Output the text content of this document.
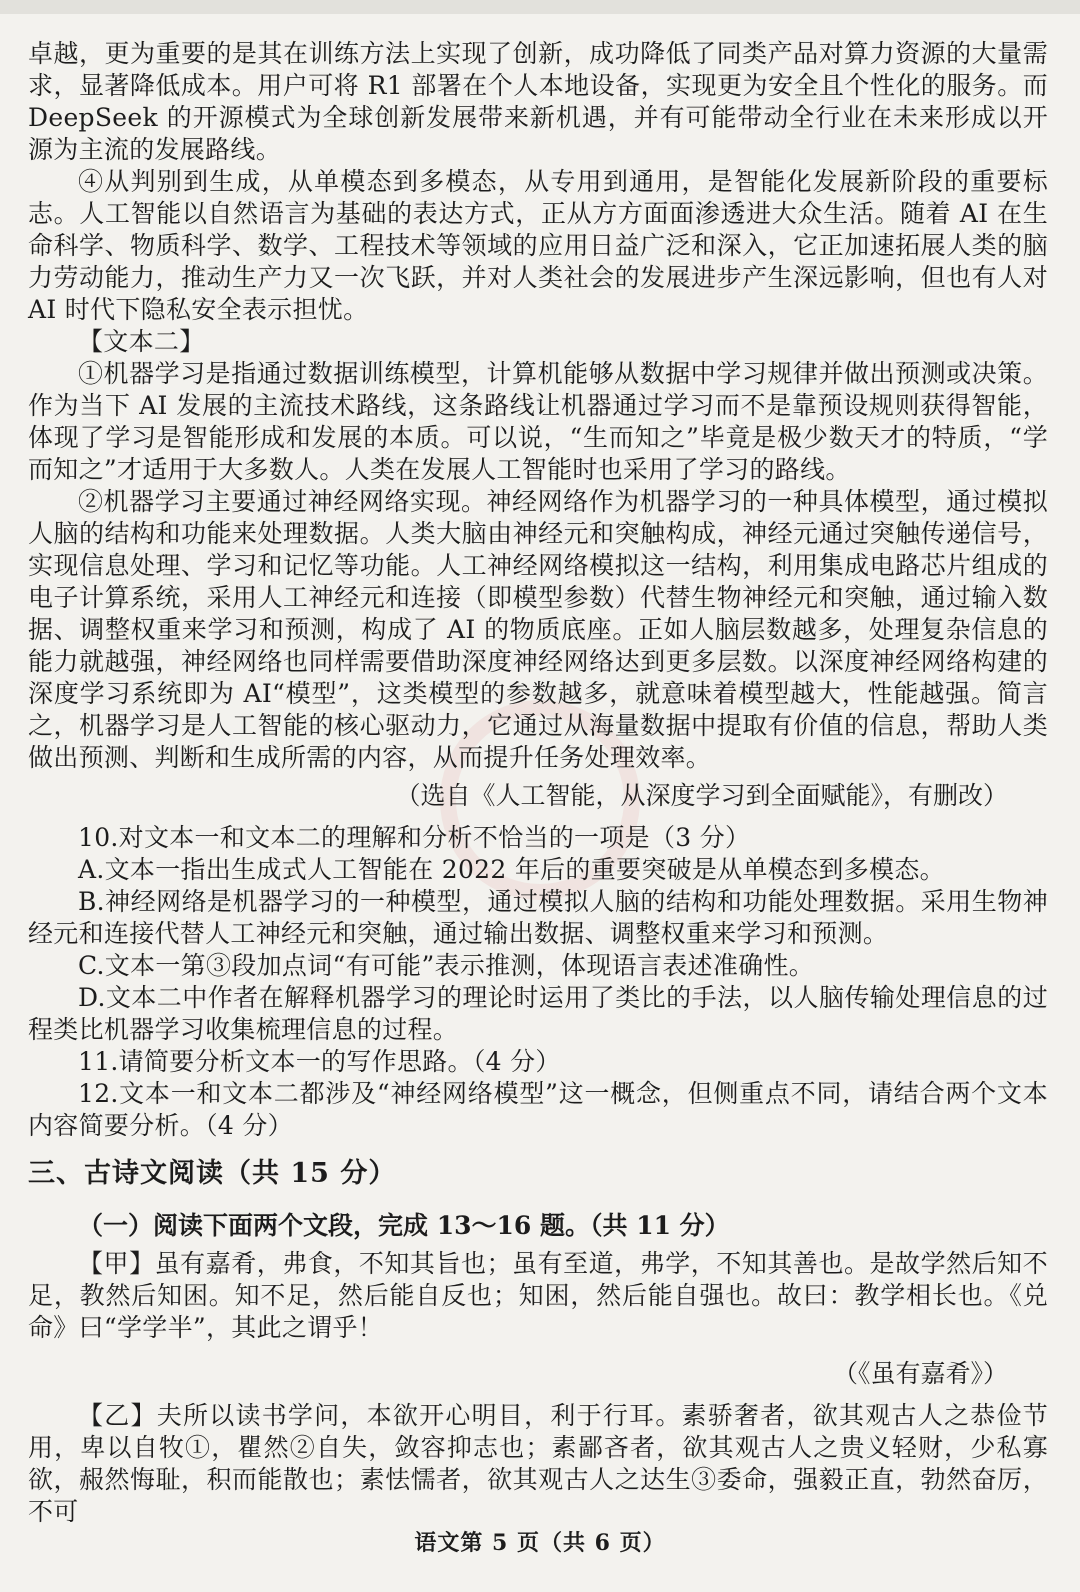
卓越，更为重要的是其在训练方法上实现了创新，成功降低了同类产品对算力资源的大量需求，显著降低成本。用户可将 R1 部署在个人本地设备，实现更为安全且个性化的服务。而 DeepSeek 的开源模式为全球创新发展带来新机遇，并有可能带动全行业在未来形成以开源为主流的发展路线。

④从判别到生成，从单模态到多模态，从专用到通用，是智能化发展新阶段的重要标志。人工智能以自然语言为基础的表达方式，正从方方面面渗透进大众生活。随着 AI 在生命科学、物质科学、数学、工程技术等领域的应用日益广泛和深入，它正加速拓展人类的脑力劳动能力，推动生产力又一次飞跃，并对人类社会的发展进步产生深远影响，但也有人对 AI 时代下隐私安全表示担忧。

【文本二】

①机器学习是指通过数据训练模型，计算机能够从数据中学习规律并做出预测或决策。作为当下 AI 发展的主流技术路线，这条路线让机器通过学习而不是靠预设规则获得智能，体现了学习是智能形成和发展的本质。可以说，“生而知之”毕竟是极少数天才的特质，“学而知之”才适用于大多数人。人类在发展人工智能时也采用了学习的路线。

②机器学习主要通过神经网络实现。神经网络作为机器学习的一种具体模型，通过模拟人脑的结构和功能来处理数据。人类大脑由神经元和突触构成，神经元通过突触传递信号，实现信息处理、学习和记忆等功能。人工神经网络模拟这一结构，利用集成电路芯片组成的电子计算系统，采用人工神经元和连接（即模型参数）代替生物神经元和突触，通过输入数据、调整权重来学习和预测，构成了 AI 的物质底座。正如人脑层数越多，处理复杂信息的能力就越强，神经网络也同样需要借助深度神经网络达到更多层数。以深度神经网络构建的深度学习系统即为 AI“模型”，这类模型的参数越多，就意味着模型越大，性能越强。简言之，机器学习是人工智能的核心驱动力，它通过从海量数据中提取有价值的信息，帮助人类做出预测、判断和生成所需的内容，从而提升任务处理效率。

（选自《人工智能，从深度学习到全面赋能》，有删改）

10.对文本一和文本二的理解和分析不恰当的一项是（3 分）

A.文本一指出生成式人工智能在 2022 年后的重要突破是从单模态到多模态。

B.神经网络是机器学习的一种模型，通过模拟人脑的结构和功能处理数据。采用生物神经元和连接代替人工神经元和突触，通过输出数据、调整权重来学习和预测。

C.文本一第③段加点词“有可能”表示推测，体现语言表述准确性。

D.文本二中作者在解释机器学习的理论时运用了类比的手法，以人脑传输处理信息的过程类比机器学习收集梳理信息的过程。

11.请简要分析文本一的写作思路。（4 分）

12.文本一和文本二都涉及“神经网络模型”这一概念，但侧重点不同，请结合两个文本内容简要分析。（4 分）

三、古诗文阅读（共 15 分）

（一）阅读下面两个文段，完成 13～16 题。（共 11 分）

【甲】虽有嘉肴，弗食，不知其旨也；虽有至道，弗学，不知其善也。是故学然后知不足，教然后知困。知不足，然后能自反也；知困，然后能自强也。故曰：教学相长也。《兑命》曰“学学半”，其此之谓乎！

（《虽有嘉肴》）

【乙】夫所以读书学问，本欲开心明目，利于行耳。素骄奢者，欲其观古人之恭俭节用，卑以自牧①，瞿然②自失，敛容抑志也；素鄙吝者，欲其观古人之贵义轻财，少私寡欲，赧然悔耻，积而能散也；素怯懦者，欲其观古人之达生③委命，强毅正直，勃然奋厉，不可

语文第 5 页（共 6 页）
